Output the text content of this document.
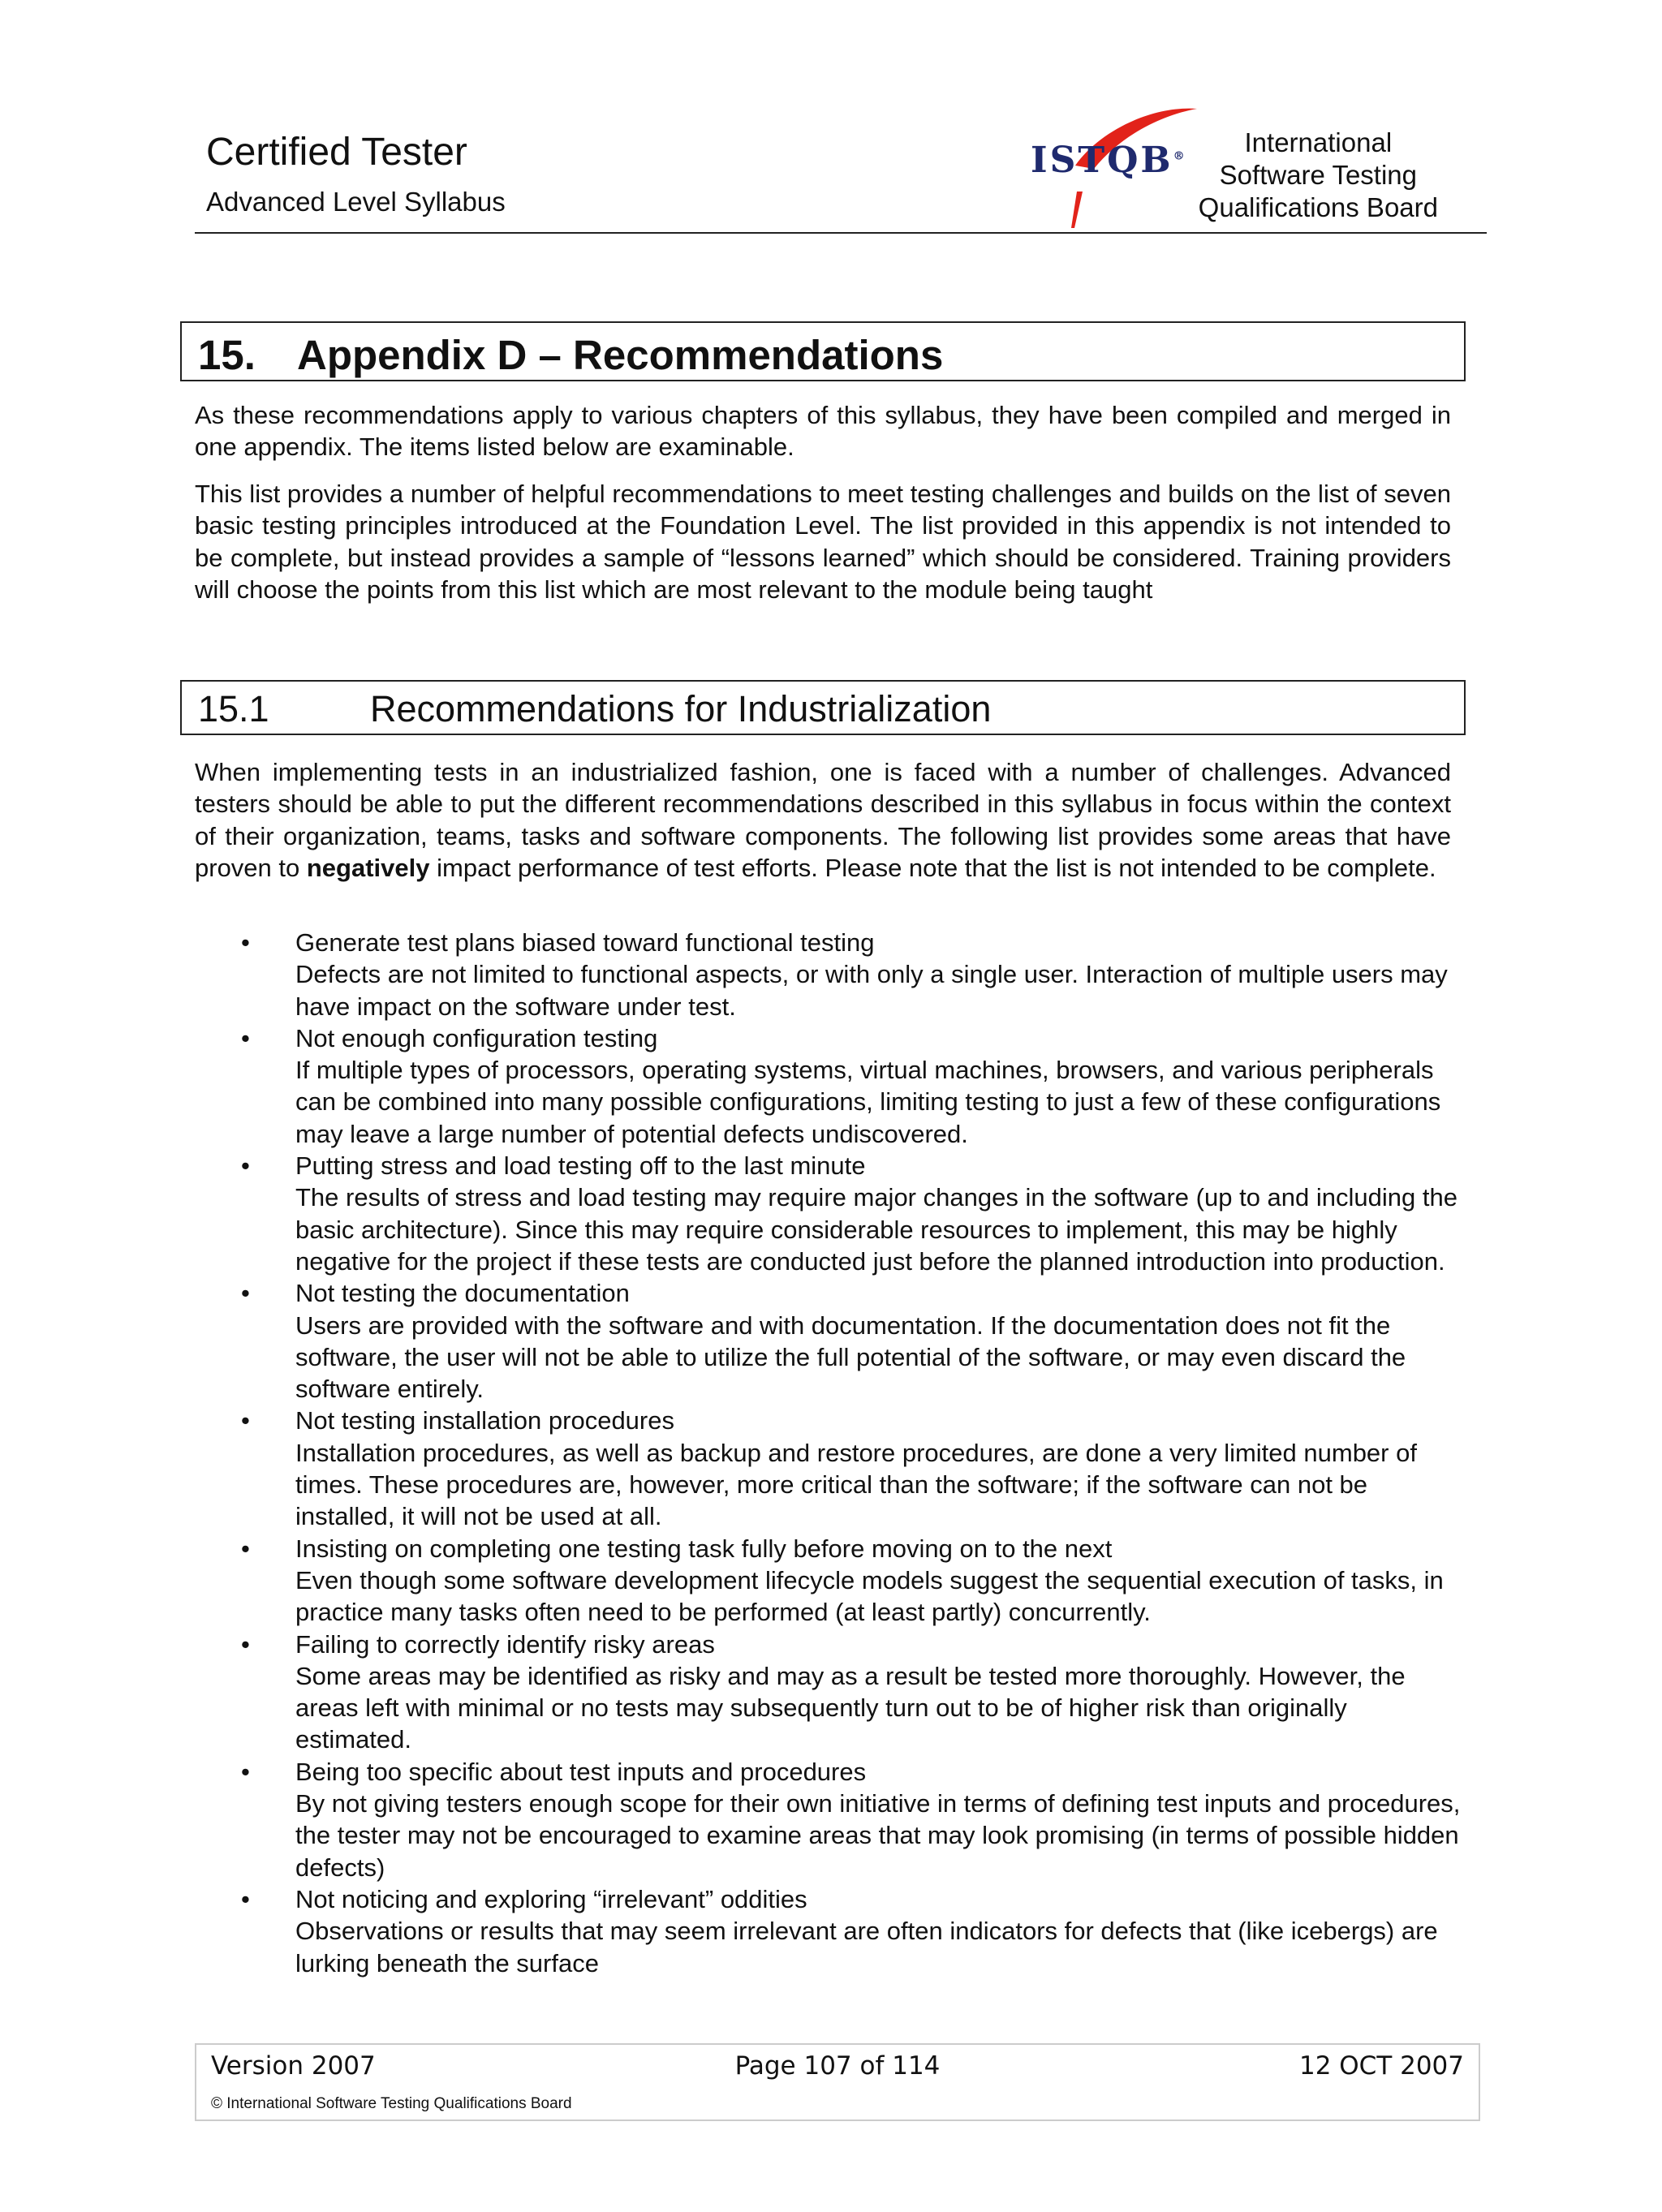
Certified Tester
Advanced Level Syllabus
ISTQB®	International
Software Testing
Qualifications Board
15. Appendix D – Recommendations

As these recommendations apply to various chapters of this syllabus, they have been compiled and merged in one appendix. The items listed below are examinable.

This list provides a number of helpful recommendations to meet testing challenges and builds on the list of seven basic testing principles introduced at the Foundation Level. The list provided in this appendix is not intended to be complete, but instead provides a sample of “lessons learned” which should be considered. Training providers will choose the points from this list which are most relevant to the module being taught

15.1	Recommendations for Industrialization

When implementing tests in an industrialized fashion, one is faced with a number of challenges. Advanced testers should be able to put the different recommendations described in this syllabus in focus within the context of their organization, teams, tasks and software components. The following list provides some areas that have proven to negatively impact performance of test efforts. Please note that the list is not intended to be complete.

• Generate test plans biased toward functional testing
Defects are not limited to functional aspects, or with only a single user. Interaction of multiple users may have impact on the software under test.
• Not enough configuration testing
If multiple types of processors, operating systems, virtual machines, browsers, and various peripherals can be combined into many possible configurations, limiting testing to just a few of these configurations may leave a large number of potential defects undiscovered.
• Putting stress and load testing off to the last minute
The results of stress and load testing may require major changes in the software (up to and including the basic architecture). Since this may require considerable resources to implement, this may be highly negative for the project if these tests are conducted just before the planned introduction into production.
• Not testing the documentation
Users are provided with the software and with documentation. If the documentation does not fit the software, the user will not be able to utilize the full potential of the software, or may even discard the software entirely.
• Not testing installation procedures
Installation procedures, as well as backup and restore procedures, are done a very limited number of times. These procedures are, however, more critical than the software; if the software can not be installed, it will not be used at all.
• Insisting on completing one testing task fully before moving on to the next
Even though some software development lifecycle models suggest the sequential execution of tasks, in practice many tasks often need to be performed (at least partly) concurrently.
• Failing to correctly identify risky areas
Some areas may be identified as risky and may as a result be tested more thoroughly. However, the areas left with minimal or no tests may subsequently turn out to be of higher risk than originally estimated.
• Being too specific about test inputs and procedures
By not giving testers enough scope for their own initiative in terms of defining test inputs and procedures, the tester may not be encouraged to examine areas that may look promising (in terms of possible hidden defects)
• Not noticing and exploring “irrelevant” oddities
Observations or results that may seem irrelevant are often indicators for defects that (like icebergs) are lurking beneath the surface
Version 2007	Page 107 of 114	12 OCT 2007
© International Software Testing Qualifications Board
